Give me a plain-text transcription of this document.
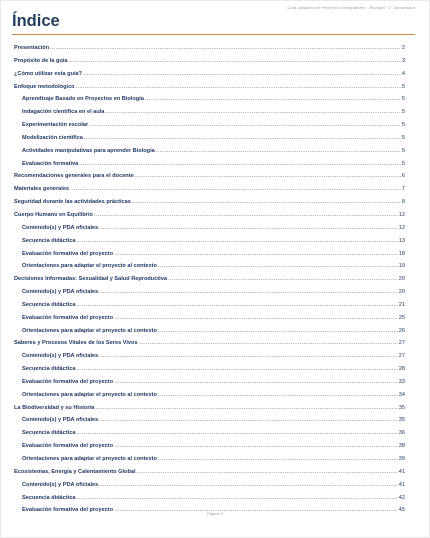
Guía Didáctica de Proyectos Integradores · Biología · 1° Secundaria
Índice
Presentación .....	2
Propósito de la guía .....	3
¿Cómo utilizar esta guía? .....	4
Enfoque metodológico .....	5
Aprendizaje Basado en Proyectos en Biología .....	5
Indagación científica en el aula .....	5
Experimentación escolar .....	5
Modelización científica .....	5
Actividades manipulativas para aprender Biología .....	5
Evaluación formativa .....	5
Recomendaciones generales para el docente .....	6
Materiales generales .....	7
Seguridad durante las actividades prácticas .....	8
Cuerpo Humano en Equilibrio .....	12
Contenido(s) y PDA oficiales .....	12
Secuencia didáctica .....	13
Evaluación formativa del proyecto .....	18
Orientaciones para adaptar el proyecto al contexto .....	19
Decisiones Informadas: Sexualidad y Salud Reproductiva .....	20
Contenido(s) y PDA oficiales .....	20
Secuencia didáctica .....	21
Evaluación formativa del proyecto .....	25
Orientaciones para adaptar el proyecto al contexto .....	26
Saberes y Procesos Vitales de los Seres Vivos .....	27
Contenido(s) y PDA oficiales .....	27
Secuencia didáctica .....	28
Evaluación formativa del proyecto .....	33
Orientaciones para adaptar el proyecto al contexto .....	34
La Biodiversidad y su Historia .....	35
Contenido(s) y PDA oficiales .....	35
Secuencia didáctica .....	36
Evaluación formativa del proyecto .....	38
Orientaciones para adaptar el proyecto al contexto .....	39
Ecosistemas, Energía y Calentamiento Global .....	41
Contenido(s) y PDA oficiales .....	41
Secuencia didáctica .....	42
Evaluación formativa del proyecto .....	45
Página 9
